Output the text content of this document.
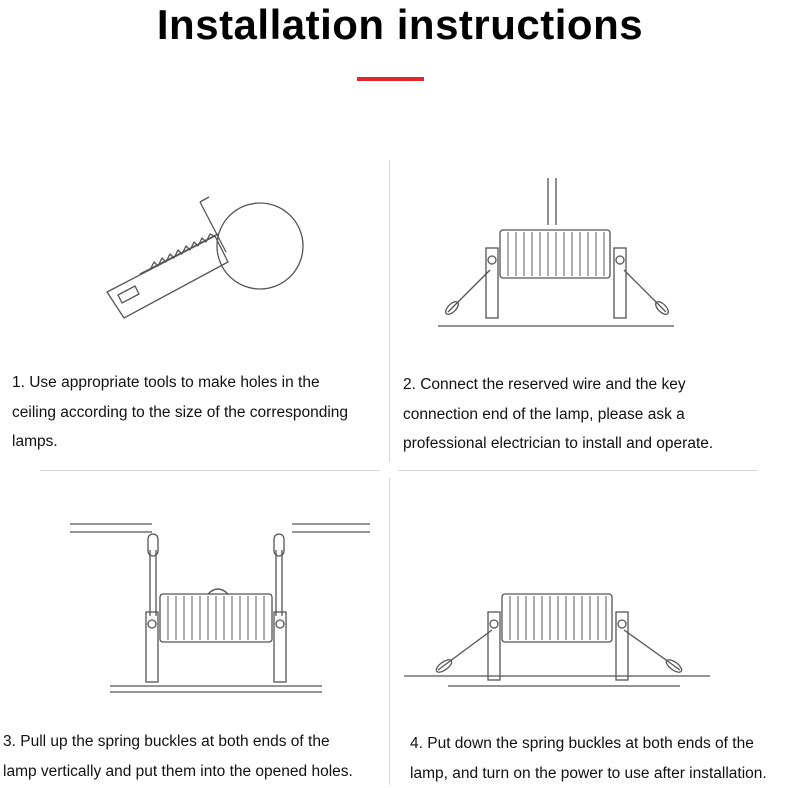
Installation instructions
1. Use appropriate tools to make holes in the
ceiling according to the size of the corresponding
lamps.
2. Connect the reserved wire and the key
connection end of the lamp, please ask a
professional electrician to install and operate.
3. Pull up the spring buckles at both ends of the
lamp vertically and put them into the opened holes.
4. Put down the spring buckles at both ends of the
lamp, and turn on the power to use after installation.
